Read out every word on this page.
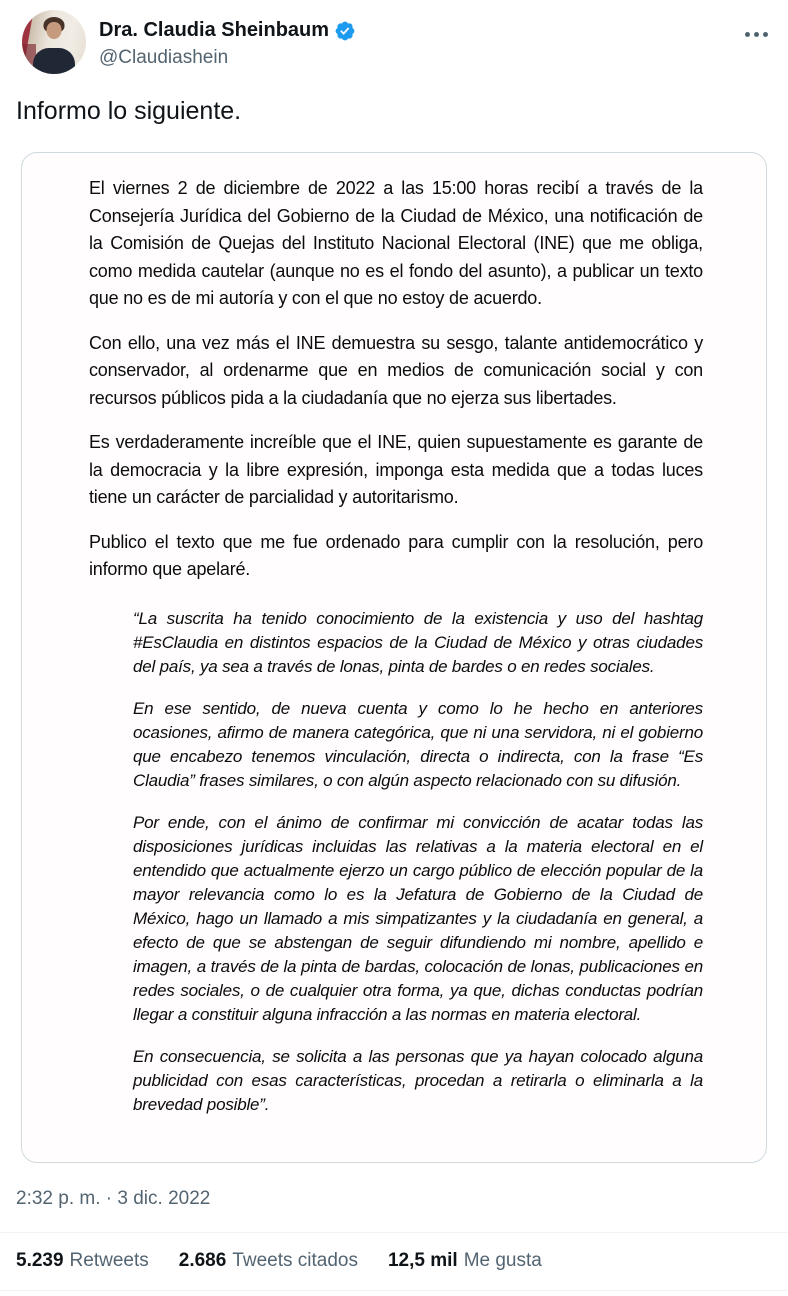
Dra. Claudia Sheinbaum
@Claudiashein
Informo lo siguiente.

El viernes 2 de diciembre de 2022 a las 15:00 horas recibí a través de la Consejería Jurídica del Gobierno de la Ciudad de México, una notificación de la Comisión de Quejas del Instituto Nacional Electoral (INE) que me obliga, como medida cautelar (aunque no es el fondo del asunto), a publicar un texto que no es de mi autoría y con el que no estoy de acuerdo.

Con ello, una vez más el INE demuestra su sesgo, talante antidemocrático y conservador, al ordenarme que en medios de comunicación social y con recursos públicos pida a la ciudadanía que no ejerza sus libertades.

Es verdaderamente increíble que el INE, quien supuestamente es garante de la democracia y la libre expresión, imponga esta medida que a todas luces tiene un carácter de parcialidad y autoritarismo.

Publico el texto que me fue ordenado para cumplir con la resolución, pero informo que apelaré.

“La suscrita ha tenido conocimiento de la existencia y uso del hashtag #EsClaudia en distintos espacios de la Ciudad de México y otras ciudades del país, ya sea a través de lonas, pinta de bardes o en redes sociales.

En ese sentido, de nueva cuenta y como lo he hecho en anteriores ocasiones, afirmo de manera categórica, que ni una servidora, ni el gobierno que encabezo tenemos vinculación, directa o indirecta, con la frase “Es Claudia” frases similares, o con algún aspecto relacionado con su difusión.

Por ende, con el ánimo de confirmar mi convicción de acatar todas las disposiciones jurídicas incluidas las relativas a la materia electoral en el entendido que actualmente ejerzo un cargo público de elección popular de la mayor relevancia como lo es la Jefatura de Gobierno de la Ciudad de México, hago un llamado a mis simpatizantes y la ciudadanía en general, a efecto de que se abstengan de seguir difundiendo mi nombre, apellido e imagen, a través de la pinta de bardas, colocación de lonas, publicaciones en redes sociales, o de cualquier otra forma, ya que, dichas conductas podrían llegar a constituir alguna infracción a las normas en materia electoral.

En consecuencia, se solicita a las personas que ya hayan colocado alguna publicidad con esas características, procedan a retirarla o eliminarla a la brevedad posible”.

2:32 p. m. · 3 dic. 2022
5.239 Retweets 2.686 Tweets citados 12,5 mil Me gusta
